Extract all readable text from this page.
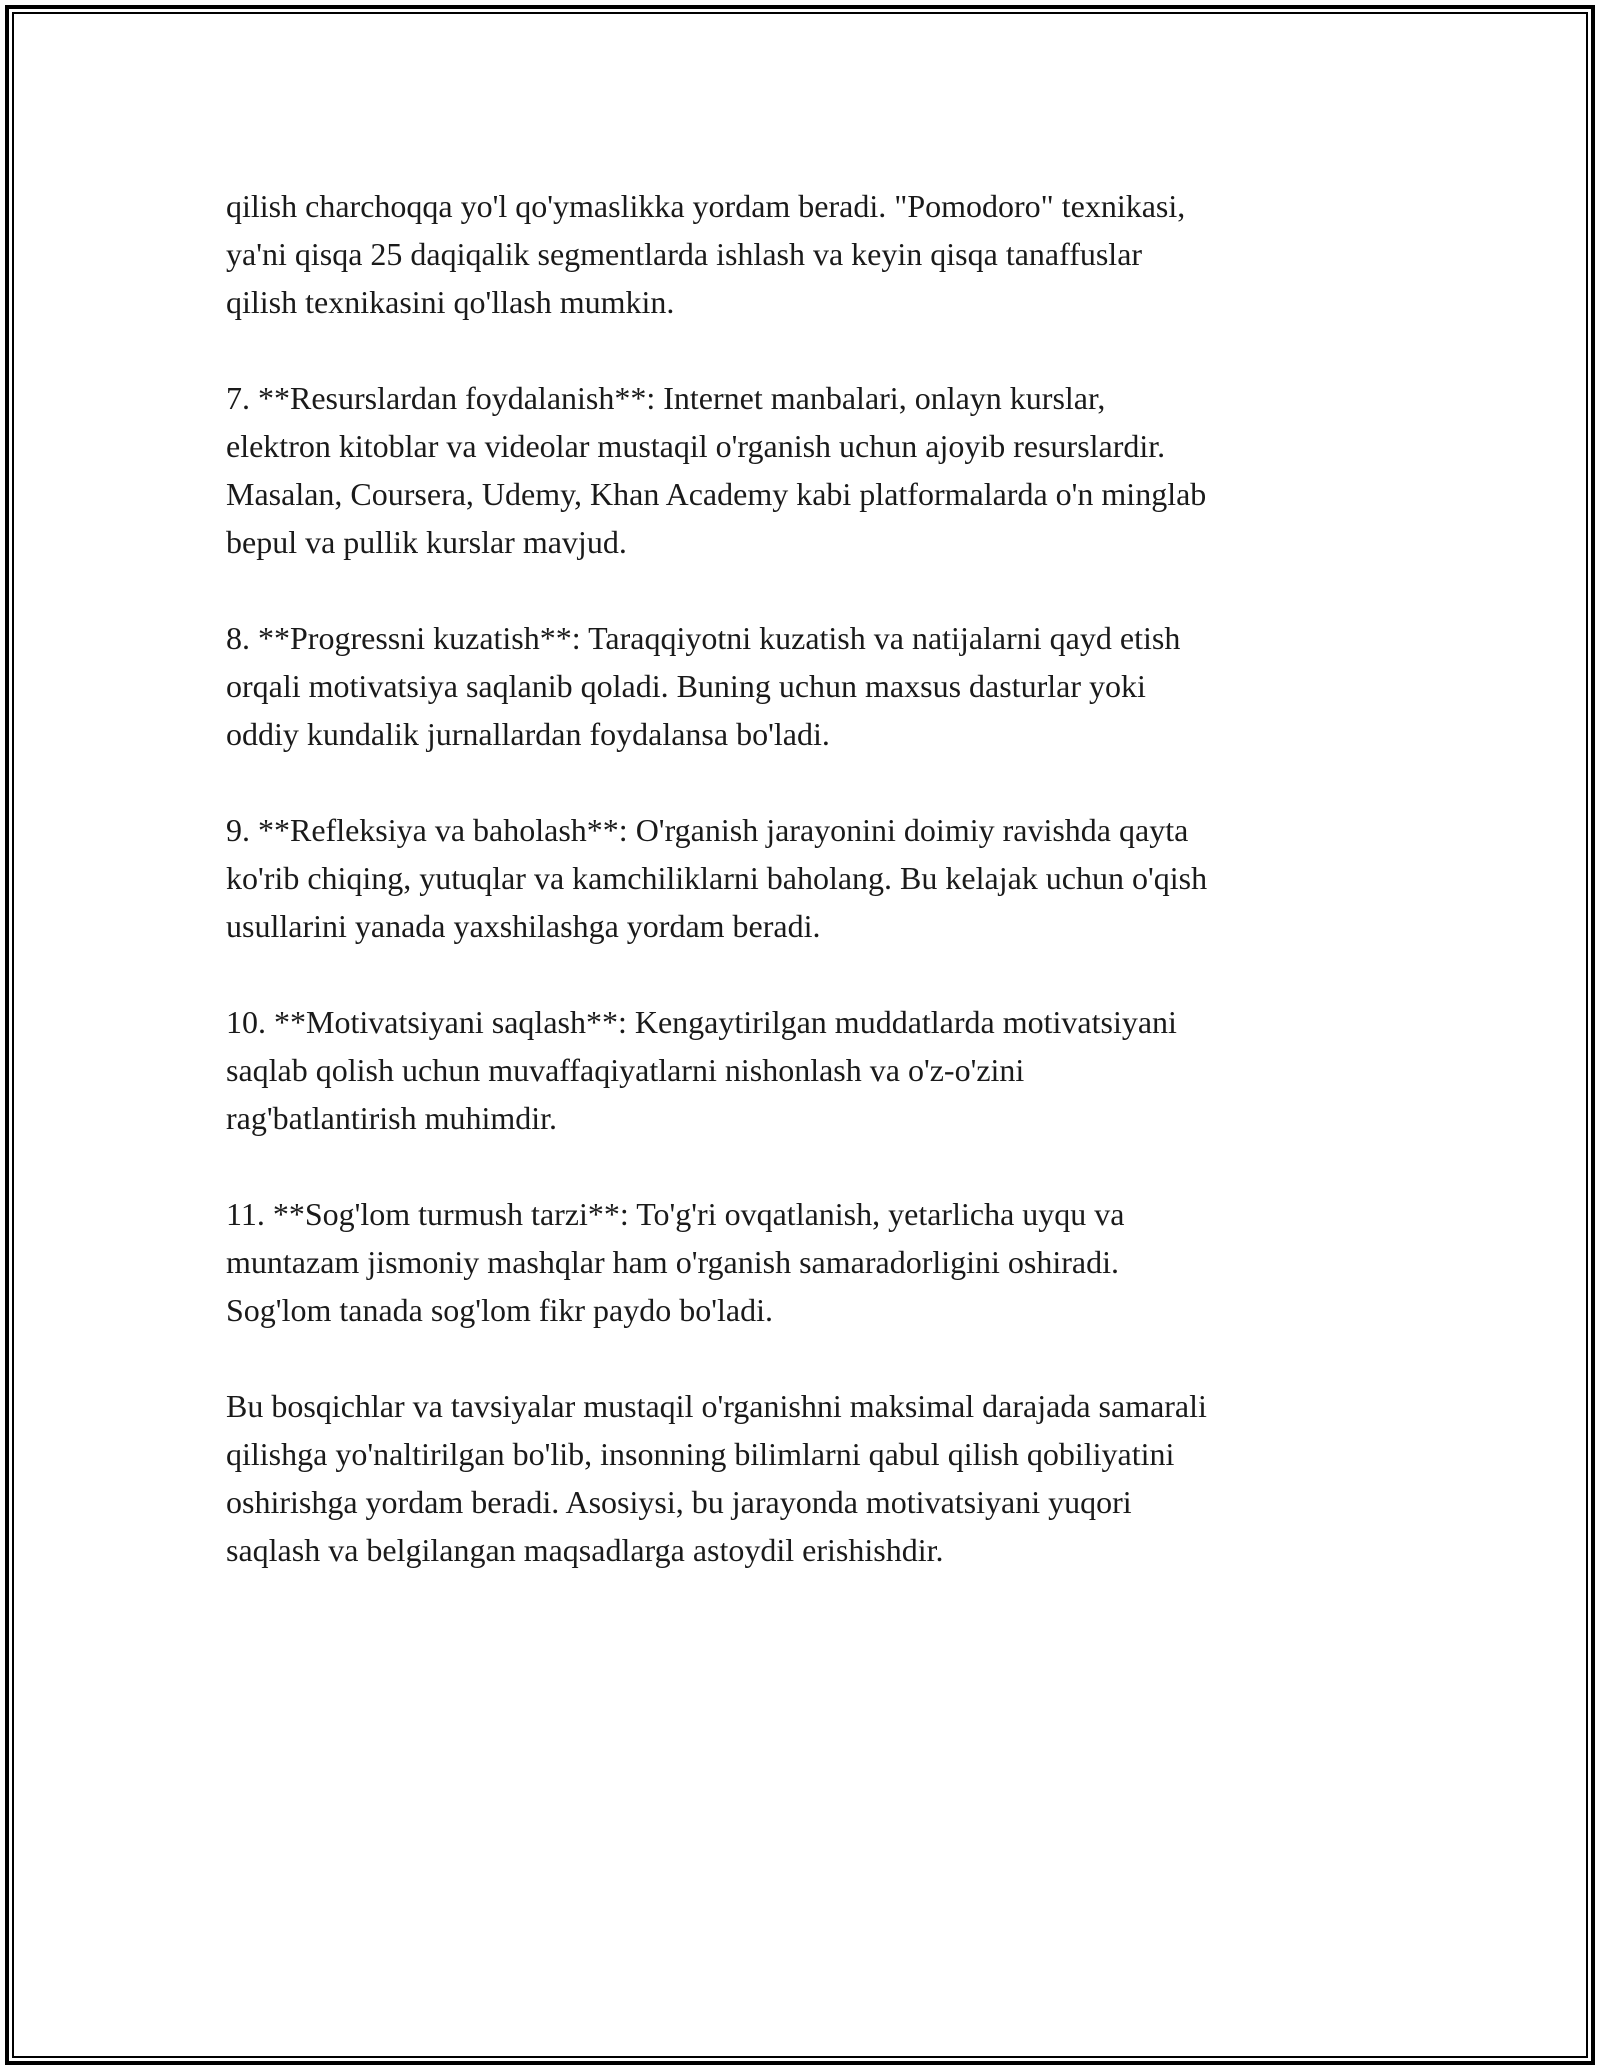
qilish charchoqqa yo'l qo'ymaslikka yordam beradi. "Pomodoro" texnikasi,
ya'ni qisqa 25 daqiqalik segmentlarda ishlash va keyin qisqa tanaffuslar
qilish texnikasini qo'llash mumkin.

7. **Resurslardan foydalanish**: Internet manbalari, onlayn kurslar,
elektron kitoblar va videolar mustaqil o'rganish uchun ajoyib resurslardir.
Masalan, Coursera, Udemy, Khan Academy kabi platformalarda o'n minglab
bepul va pullik kurslar mavjud.

8. **Progressni kuzatish**: Taraqqiyotni kuzatish va natijalarni qayd etish
orqali motivatsiya saqlanib qoladi. Buning uchun maxsus dasturlar yoki
oddiy kundalik jurnallardan foydalansa bo'ladi.

9. **Refleksiya va baholash**: O'rganish jarayonini doimiy ravishda qayta
ko'rib chiqing, yutuqlar va kamchiliklarni baholang. Bu kelajak uchun o'qish
usullarini yanada yaxshilashga yordam beradi.

10. **Motivatsiyani saqlash**: Kengaytirilgan muddatlarda motivatsiyani
saqlab qolish uchun muvaffaqiyatlarni nishonlash va o'z-o'zini
rag'batlantirish muhimdir.

11. **Sog'lom turmush tarzi**: To'g'ri ovqatlanish, yetarlicha uyqu va
muntazam jismoniy mashqlar ham o'rganish samaradorligini oshiradi.
Sog'lom tanada sog'lom fikr paydo bo'ladi.

Bu bosqichlar va tavsiyalar mustaqil o'rganishni maksimal darajada samarali
qilishga yo'naltirilgan bo'lib, insonning bilimlarni qabul qilish qobiliyatini
oshirishga yordam beradi. Asosiysi, bu jarayonda motivatsiyani yuqori
saqlash va belgilangan maqsadlarga astoydil erishishdir.
